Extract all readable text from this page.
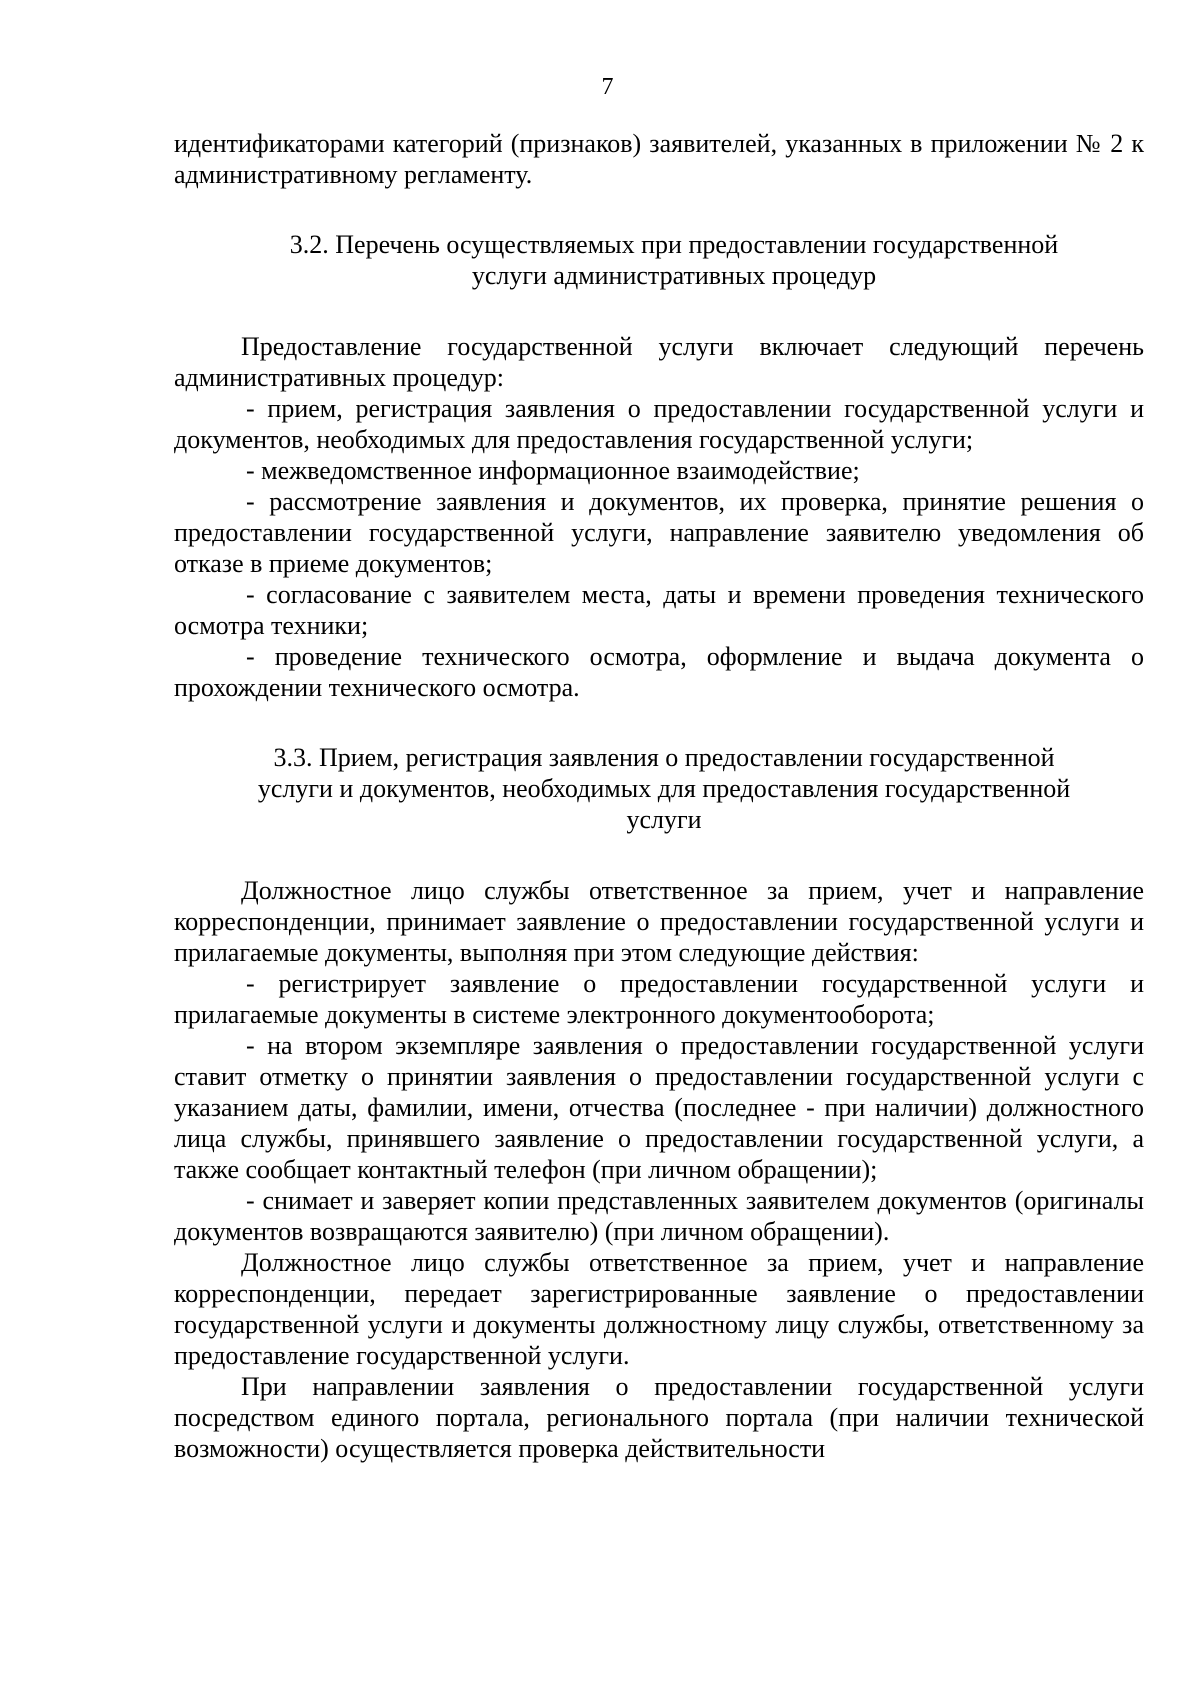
7

идентификаторами категорий (признаков) заявителей, указанных в приложении № 2 к административному регламенту.

3.2. Перечень осуществляемых при предоставлении государственной
услуги административных процедур

Предоставление государственной услуги включает следующий перечень административных процедур:

- прием, регистрация заявления о предоставлении государственной услуги и документов, необходимых для предоставления государственной услуги;

- межведомственное информационное взаимодействие;

- рассмотрение заявления и документов, их проверка, принятие решения о предоставлении государственной услуги, направление заявителю уведомления об отказе в приеме документов;

- согласование с заявителем места, даты и времени проведения технического осмотра техники;

- проведение технического осмотра, оформление и выдача документа о прохождении технического осмотра.

3.3. Прием, регистрация заявления о предоставлении государственной
услуги и документов, необходимых для предоставления государственной
услуги

Должностное лицо службы ответственное за прием, учет и направление корреспонденции, принимает заявление о предоставлении государственной услуги и прилагаемые документы, выполняя при этом следующие действия:

- регистрирует заявление о предоставлении государственной услуги и прилагаемые документы в системе электронного документооборота;

- на втором экземпляре заявления о предоставлении государственной услуги ставит отметку о принятии заявления о предоставлении государственной услуги с указанием даты, фамилии, имени, отчества (последнее - при наличии) должностного лица службы, принявшего заявление о предоставлении государственной услуги, а также сообщает контактный телефон (при личном обращении);

- снимает и заверяет копии представленных заявителем документов (оригиналы документов возвращаются заявителю) (при личном обращении).

Должностное лицо службы ответственное за прием, учет и направление корреспонденции, передает зарегистрированные заявление о предоставлении государственной услуги и документы должностному лицу службы, ответственному за предоставление государственной услуги.

При направлении заявления о предоставлении государственной услуги посредством единого портала, регионального портала (при наличии технической возможности) осуществляется проверка действительности
